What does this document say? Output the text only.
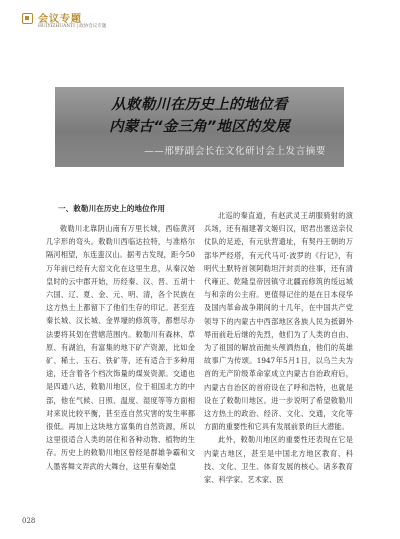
会议专题
HUIYIZHUANTI | 政协会议专题
从敕勒川在历史上的地位看
内蒙古“金三角”地区的发展
——邢野副会长在文化研讨会上发言摘要
一、敕勒川在历史上的地位作用

敕勒川北靠阴山南有万里长城，西临黄河几字形的弯头。敕勒川西临达拉特，与准格尔隔河相望，东连蛮汉山。据考古发现，距今50万年前已经有大窑文化在这里生息，从秦汉始皇时的云中郡开始，历经秦、汉、晋、五胡十六国、辽、夏、金、元、明、清，各个民族在这方热土上都留下了他们生存的印记。甚至连秦长城、汉长城、金界壕的修筑等，都想尽办法要将其划在营辖范围内。敕勒川有森林、草原、有湖泊，有富集的地下矿产资源，比如金矿、稀土、玉石、铁矿等，还有适合于多种用途，还含着各个档次饰量的煤炭资源。交通也是四通八达，敕勒川地区，位于祖国北方的中部，他在气候、日照、温度、湿度等等方面相对来说比较平衡，甚至连自然灾害的发生率都很低。再加上这块地方富集的自然资源，所以这里很适合人类的居住和各种动物、植物的生存。历史上的敕勒川地区曾经是群雄争霸和文人墨客舞文弄武的大舞台，这里有秦始皇

北巡的秦直道，有赵武灵王胡服骑射的演兵场，还有福建著文姬归汉，昭君出塞送亲仪仗队的足迹，有元驮营遗址，有契丹王朝的万部华严经塔，有元代马可·波罗的《行记》，有明代土默特首领阿勒坦汗封贡的往事，还有清代雍正、乾隆皇帝因镇守北疆而修筑的绥远城与和亲的公主府。更值得记住的是在日本侵华及国内革命战争期间的十几年，在中国共产党领导下的内蒙古中西部地区各族人民为抵御外辱而前赴后继的先烈，他们为了人类的自由、为了祖国的解放而抛头颅洒热血，他们的英雄故事广为传颂。1947年5月1日，以乌兰夫为首的无产阶级革命家成立内蒙古自治政府后，内蒙古自治区的首府设在了呼和浩特，也就是设在了敕勒川地区。进一步说明了希望敕勒川这方热土的政治、经济、文化、交通，文化等方面的重要性和它具有发展前景的巨大潜能。

此外，敕勒川地区的重要性还表现在它是内蒙古地区，甚至是中国北方地区教育、科技、文化、卫生、体育发展的核心。诸多教育家、科学家、艺术家、医

028
